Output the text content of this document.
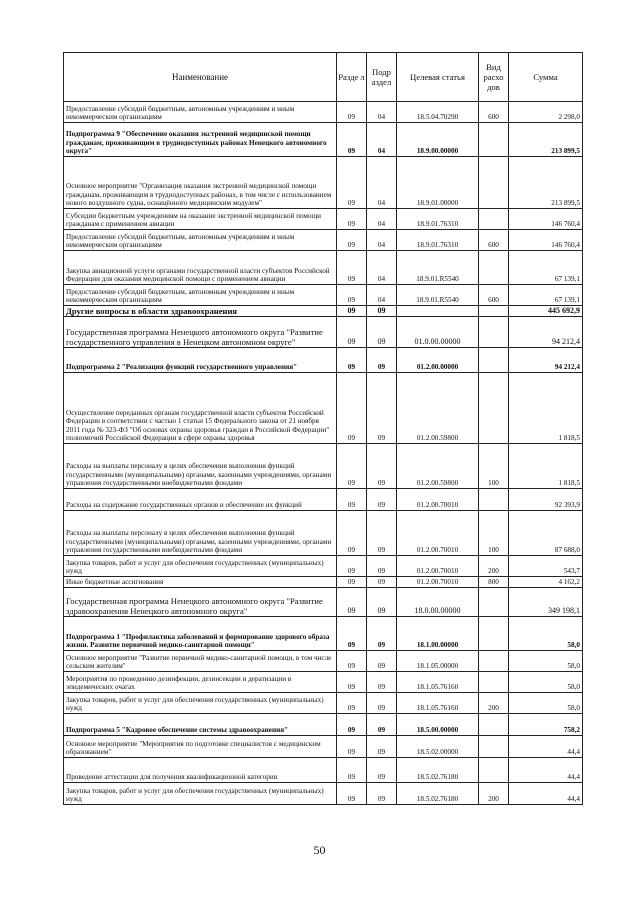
Наименование	Разде л	Подр аздел	Целевая статья	Вид расхо дов	Сумма
Предоставление субсидий бюджетным, автономным учреждениям и иным некоммерческим организациям	09	04	18.5.04.70290	600	2 298,0
Подпрограмма 9 "Обеспечение оказания экстренной медицинской помощи гражданам, проживающим в труднодоступных районах Ненецкого автономного округа"	09	04	18.9.00.00000		213 899,5
Основное мероприятие "Организация оказания экстренной медицинской помощи гражданам, проживающим в труднодоступных районах, в том числе с использованием нового воздушного судна, оснащённого медицинским модулем"	09	04	18.9.01.00000		213 899,5
Субсидии бюджетным учреждениям на оказание экстренной медицинской помощи гражданам с применением авиации	09	04	18.9.01.76310		146 760,4
Предоставление субсидий бюджетным, автономным учреждениям и иным некоммерческим организациям	09	04	18.9.01.76310	600	146 760,4
Закупка авиационной услуги органами государственной власти субъектов Российской Федерации для оказания медицинской помощи с применением авиации	09	04	18.9.01.R5540		67 139,1
Предоставление субсидий бюджетным, автономным учреждениям и иным некоммерческим организациям	09	04	18.9.01.R5540	600	67 139,1
Другие вопросы в области здравоохранения	09	09			445 692,9
Государственная программа Ненецкого автономного округа "Развитие государственного управления в Ненецком автономном округе"	09	09	01.0.00.00000		94 212,4
Подпрограмма 2 "Реализация функций государственного управления"	09	09	01.2.00.00000		94 212,4
Осуществление переданных органам государственной власти субъектов Российской Федерации в соответствии с частью 1 статьи 15 Федерального закона от 21 ноября 2011 года № 323-ФЗ "Об основах охраны здоровья граждан в Российской Федерации" полномочий Российской Федерации в сфере охраны здоровья	09	09	01.2.00.59800		1 818,5
Расходы на выплаты персоналу в целях обеспечения выполнения функций государственными (муниципальными) органами, казенными учреждениями, органами управления государственными внебюджетными фондами	09	09	01.2.00.59800	100	1 818,5
Расходы на содержание государственных органов и обеспечение их функций	09	09	01.2.00.70010		92 393,9
Расходы на выплаты персоналу в целях обеспечения выполнения функций государственными (муниципальными) органами, казенными учреждениями, органами управления государственными внебюджетными фондами	09	09	01.2.00.70010	100	87 688,0
Закупка товаров, работ и услуг для обеспечения государственных (муниципальных) нужд	09	09	01.2.00.70010	200	543,7
Иные бюджетные ассигнования	09	09	01.2.00.70010	800	4 162,2
Государственная программа Ненецкого автономного округа "Развитие здравоохранения Ненецкого автономного округа"	09	09	18.0.00.00000		349 198,1
Подпрограмма 1 "Профилактика заболеваний и формирование здорового образа жизни. Развитие первичной медико-санитарной помощи"	09	09	18.1.00.00000		58,0
Основное мероприятие "Развитие первичной медико-санитарной помощи, в том числе сельским жителям"	09	09	18.1.05.00000		58,0
Мероприятия по проведению дезинфекции, дезинсекции и дератизации в эпидемических очагах	09	09	18.1.05.76160		58,0
Закупка товаров, работ и услуг для обеспечения государственных (муниципальных) нужд	09	09	18.1.05.76160	200	58,0
Подпрограмма 5 "Кадровое обеспечение системы здравоохранения"	09	09	18.5.00.00000		758,2
Основное мероприятие "Мероприятия по подготовке специалистов с медицинским образованием"	09	09	18.5.02.00000		44,4
Проведение аттестации для получения квалификационной категории	09	09	18.5.02.76180		44,4
Закупка товаров, работ и услуг для обеспечения государственных (муниципальных) нужд	09	09	18.5.02.76180	200	44,4
50
